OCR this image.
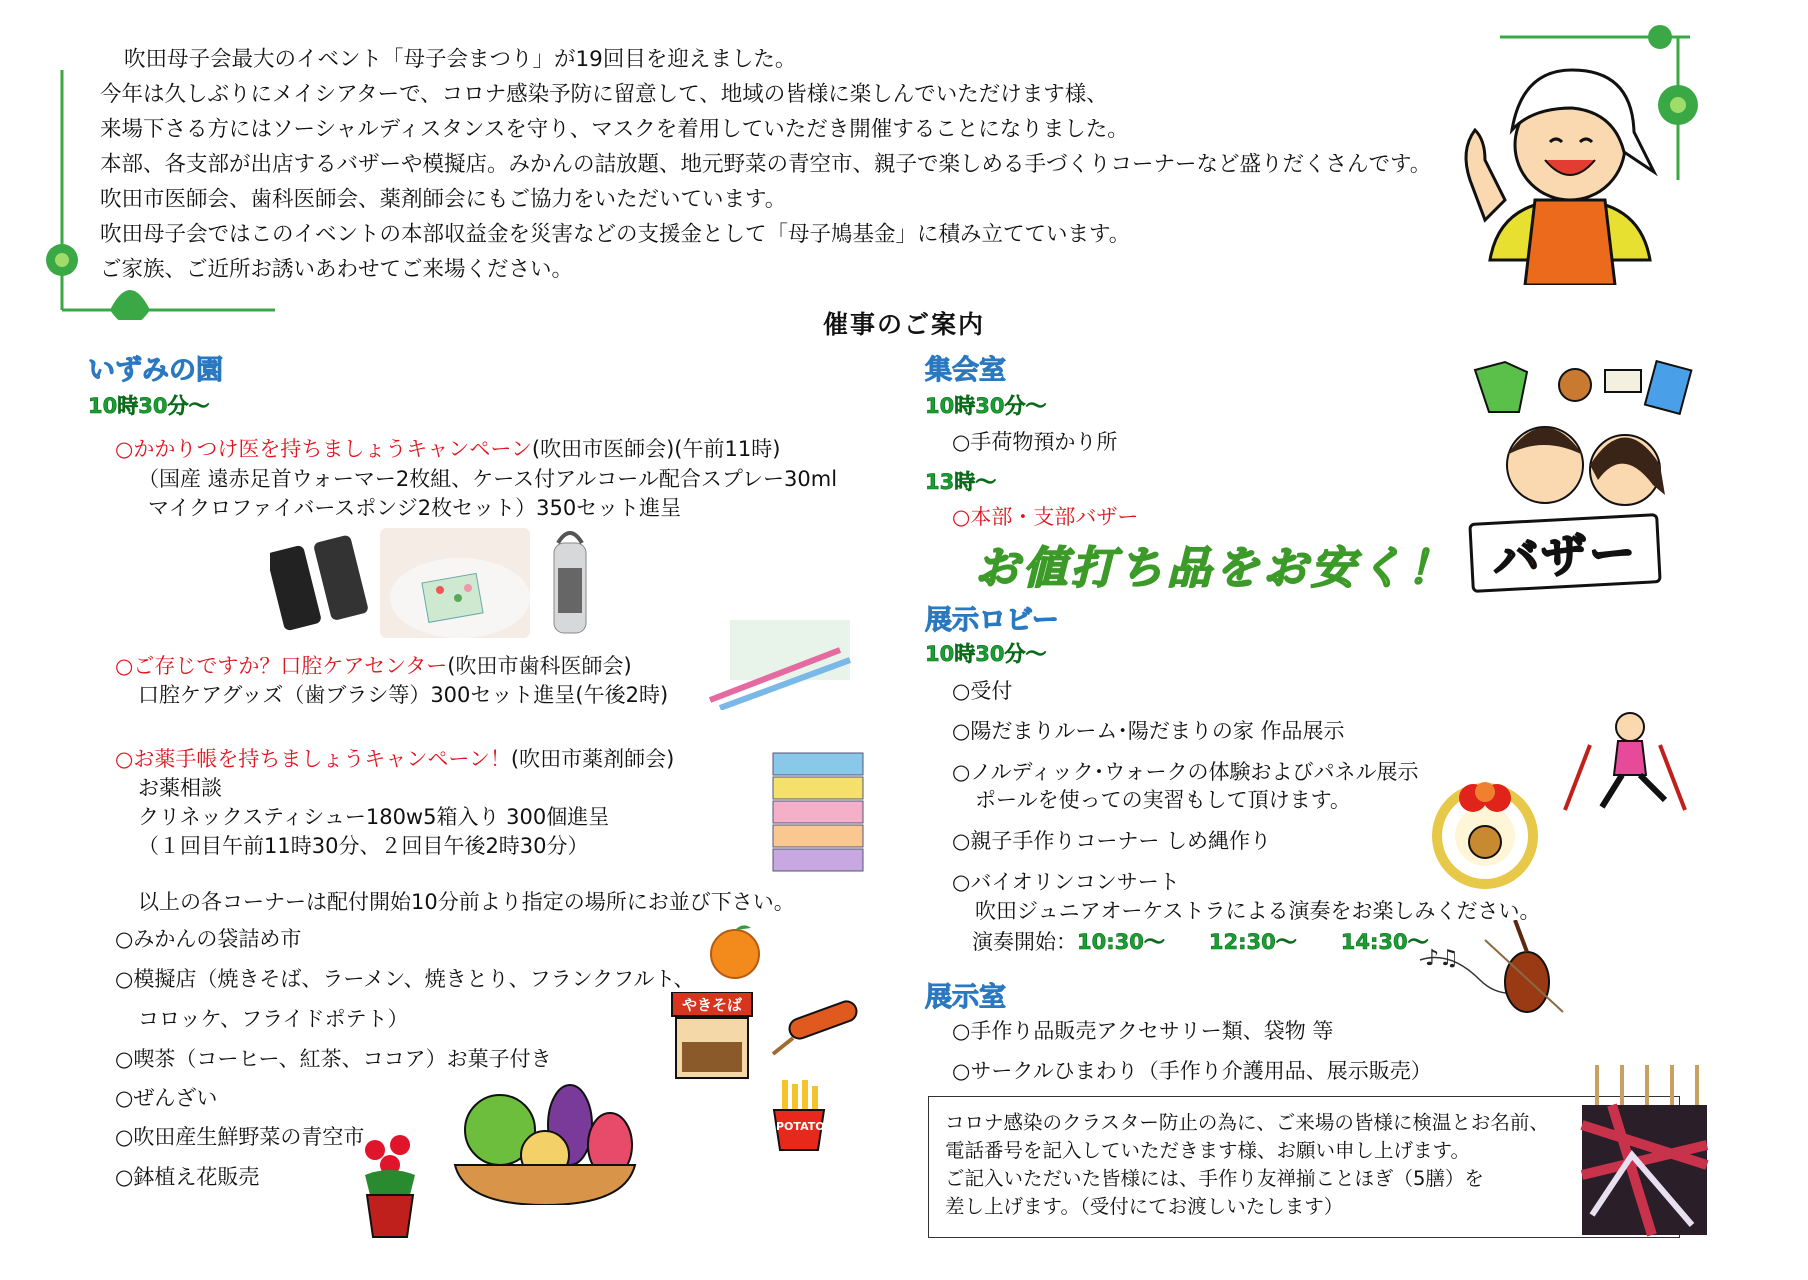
吹田母子会最大のイベント「母子会まつり」が19回目を迎えました。

今年は久しぶりにメイシアターで、コロナ感染予防に留意して、地域の皆様に楽しんでいただけます様、

来場下さる方にはソーシャルディスタンスを守り、マスクを着用していただき開催することになりました。

本部、各支部が出店するバザーや模擬店。みかんの詰放題、地元野菜の青空市、親子で楽しめる手づくりコーナーなど盛りだくさんです。

吹田市医師会、歯科医師会、薬剤師会にもご協力をいただいています。

吹田母子会ではこのイベントの本部収益金を災害などの支援金として「母子鳩基金」に積み立てています。

ご家族、ご近所お誘いあわせてご来場ください。

催事のご案内
いずみの園
10時30分～
○かかりつけ医を持ちましょうキャンペーン(吹田市医師会)(午前11時)
（国産 遠赤足首ウォーマー2枚組、ケース付アルコール配合スプレー30ml
マイクロファイバースポンジ2枚セット）350セット進呈
○ご存じですか？口腔ケアセンター(吹田市歯科医師会)
口腔ケアグッズ（歯ブラシ等）300セット進呈(午後2時)
○お薬手帳を持ちましょうキャンペーン！(吹田市薬剤師会)
お薬相談
クリネックスティシュー180w5箱入り 300個進呈
（１回目午前11時30分、２回目午後2時30分）
以上の各コーナーは配付開始10分前より指定の場所にお並び下さい。
○みかんの袋詰め市
○模擬店（焼きそば、ラーメン、焼きとり、フランクフルト、
コロッケ、フライドポテト）
○喫茶（コーヒー、紅茶、ココア）お菓子付き
○ぜんざい
○吹田産生鮮野菜の青空市
○鉢植え花販売
やきそば
POTATO
集会室
10時30分～
○手荷物預かり所
13時～
○本部・支部バザー
お値打ち品をお安く！ バザー
展示ロビー
10時30分～
○受付
○陽だまりルーム･陽だまりの家 作品展示
○ノルディック･ウォークの体験およびパネル展示
ポールを使っての実習もして頂けます。
○親子手作りコーナー しめ縄作り
○バイオリンコンサート
吹田ジュニアオーケストラによる演奏をお楽しみください。
演奏開始：10:30～ 12:30～ 14:30～
♪♫
展示室
○手作り品販売アクセサリー類、袋物 等
○サークルひまわり（手作り介護用品、展示販売）

コロナ感染のクラスター防止の為に、ご来場の皆様に検温とお名前、

電話番号を記入していただきます様、お願い申し上げます。

ご記入いただいた皆様には、手作り友禅揃ことほぎ（5膳）を

差し上げます。（受付にてお渡しいたします）
